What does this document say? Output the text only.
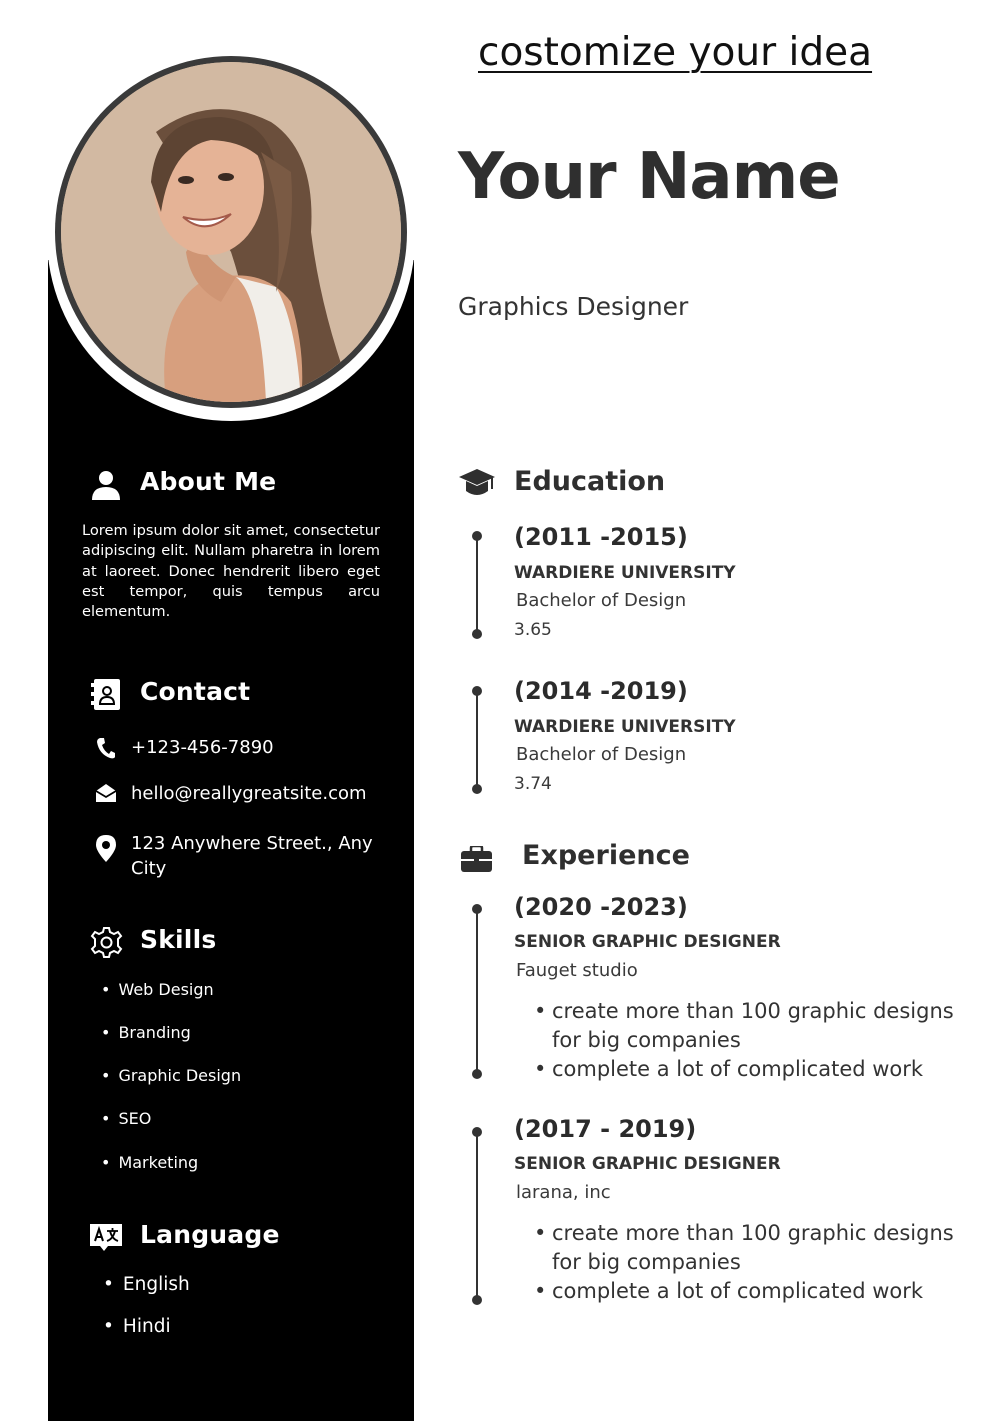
About Me
Lorem ipsum dolor sit amet, consectetur adipiscing elit. Nullam pharetra in lorem at laoreet. Donec hendrerit libero eget est tempor, quis tempus arcu elementum.
Contact
+123-456-7890
hello@reallygreatsite.com
123 Anywhere Street., Any City
Skills
• Web Design
• Branding
• Graphic Design
• SEO
• Marketing
Language
• English
• Hindi
costomize your idea
Your Name
Graphics Designer
Education
(2011 -2015)
WARDIERE UNIVERSITY
Bachelor of Design
3.65
(2014 -2019)
WARDIERE UNIVERSITY
Bachelor of Design
3.74
Experience
(2020 -2023)
SENIOR GRAPHIC DESIGNER
Fauget studio
• create more than 100 graphic designs for big companies
• complete a lot of complicated work
(2017 - 2019)
SENIOR GRAPHIC DESIGNER
larana, inc
• create more than 100 graphic designs for big companies
• complete a lot of complicated work
